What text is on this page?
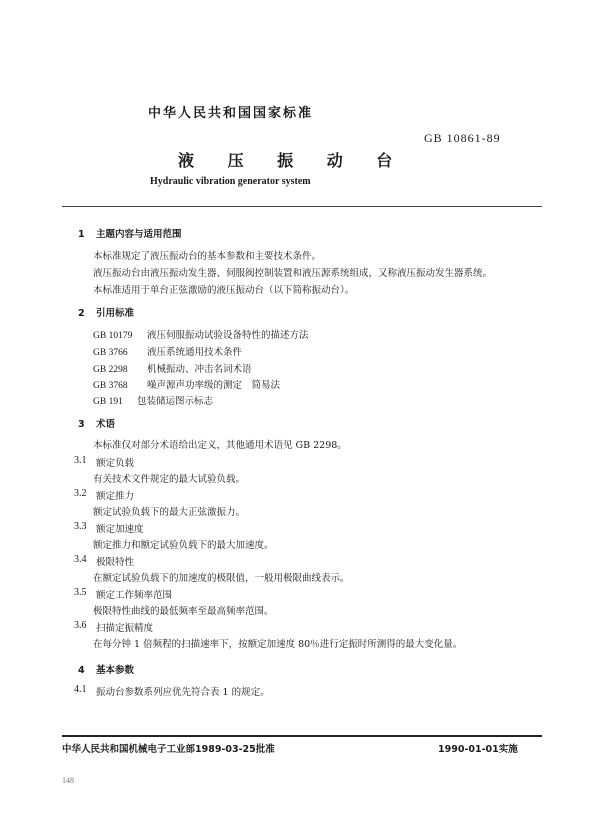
中华人民共和国国家标准
GB 10861-89
液 压 振 动 台
Hydraulic vibration generator system
1 主题内容与适用范围
本标准规定了液压振动台的基本参数和主要技术条件。
液压振动台由液压振动发生器、伺服阀控制装置和液压源系统组成，又称液压振动发生器系统。
本标准适用于单台正弦激励的液压振动台（以下简称振动台）。
2 引用标准
GB 10179 液压伺服振动试验设备特性的描述方法
GB 3766 液压系统通用技术条件
GB 2298 机械振动、冲击名词术语
GB 3768 噪声源声功率级的测定　简易法
GB 191 包装储运图示标志
3 术语
本标准仅对部分术语给出定义，其他通用术语见 GB 2298。
3.1 额定负载
有关技术文件规定的最大试验负载。
3.2 额定推力
额定试验负载下的最大正弦激振力。
3.3 额定加速度
额定推力和额定试验负载下的最大加速度。
3.4 极限特性
在额定试验负载下的加速度的极限值，一般用极限曲线表示。
3.5 额定工作频率范围
极限特性曲线的最低频率至最高频率范围。
3.6 扫描定振精度
在每分钟 1 倍频程的扫描速率下，按额定加速度 80％进行定振时所测得的最大变化量。
4 基本参数
4.1 振动台参数系列应优先符合表 1 的规定。
中华人民共和国机械电子工业部1989-03-25批准	1990-01-01实施
148
